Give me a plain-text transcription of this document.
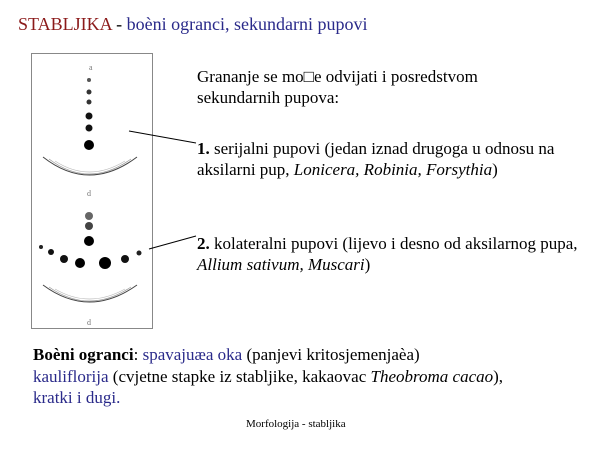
STABLJIKA - boèni ogranci, sekundarni pupovi
a
d
d
Grananje se mo□e odvijati i posredstvom
sekundarnih pupova:
1. serijalni pupovi (jedan iznad drugoga u odnosu na aksilarni pup, Lonicera, Robinia, Forsythia)
2. kolateralni pupovi (lijevo i desno od aksilarnog pupa, Allium sativum, Muscari)
Boèni ogranci: spavajuæa oka (panjevi kritosjemenjaèa)
kauliflorija (cvjetne stapke iz stabljike, kakaovac Theobroma cacao),
kratki i dugi.
Morfologija - stabljika
